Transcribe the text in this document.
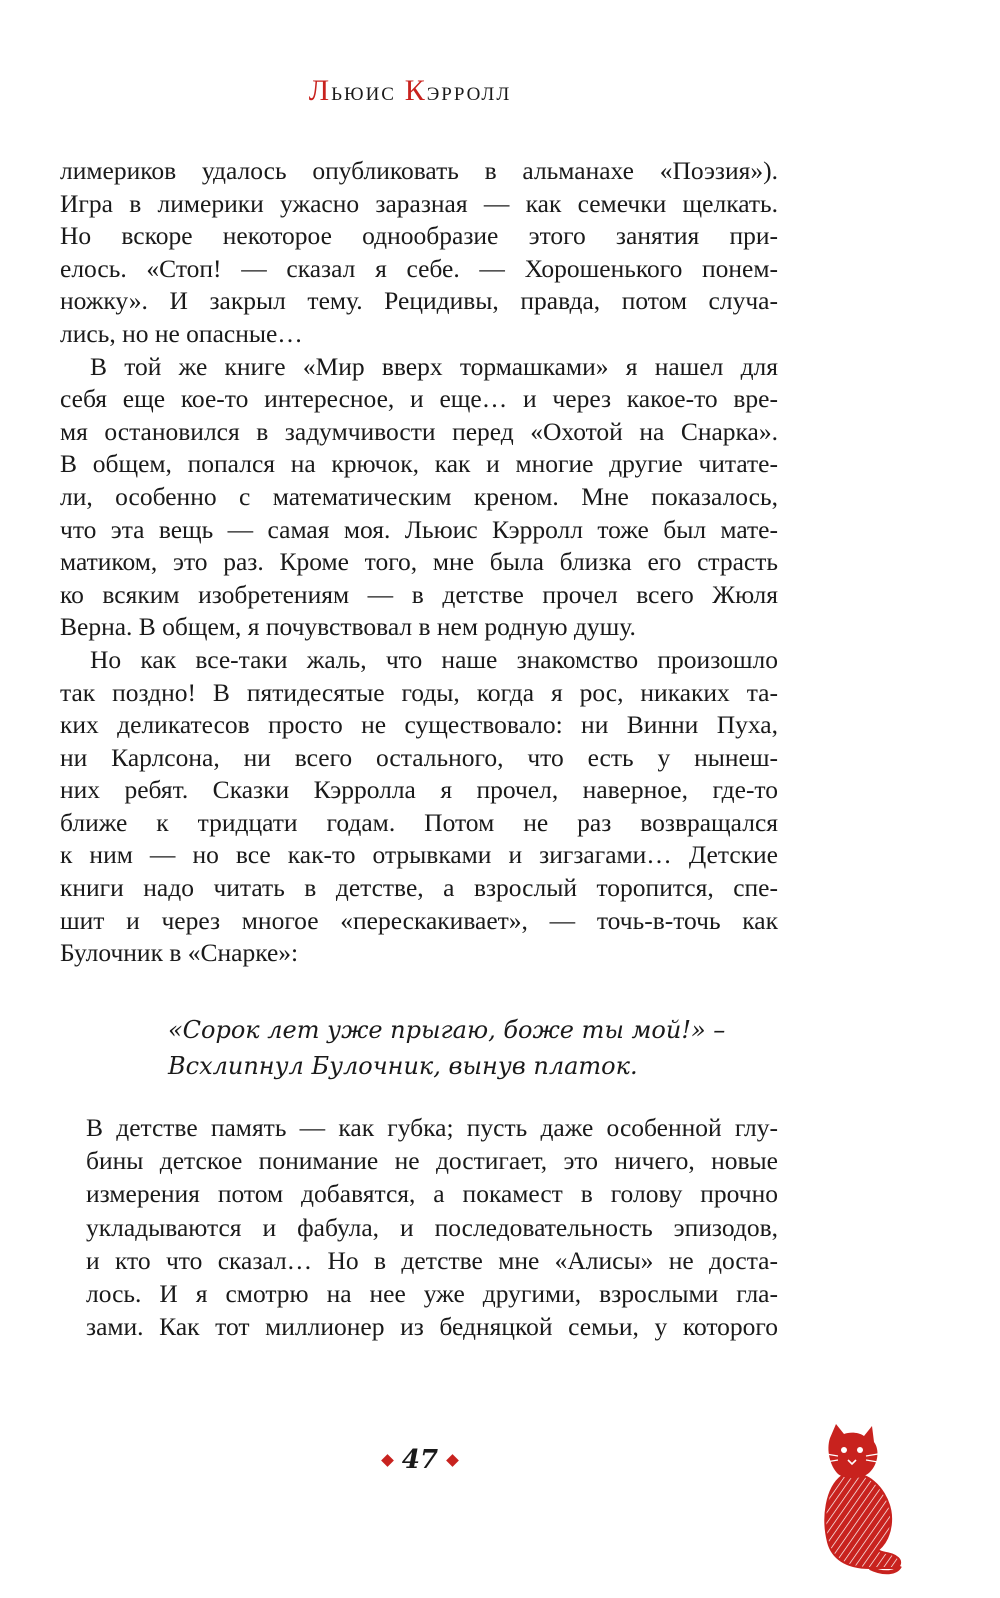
Льюис Кэрролл
лимериков удалось опубликовать в альманахе «Поэзия»).
Игра в лимерики ужасно заразная — как семечки щелкать.
Но вскоре некоторое однообразие этого занятия при-
елось. «Стоп! — сказал я себе. — Хорошенького понем-
ножку». И закрыл тему. Рецидивы, правда, потом случа-
лись, но не опасные…
В той же книге «Мир вверх тормашками» я нашел для
себя еще кое-то интересное, и еще… и через какое-то вре-
мя остановился в задумчивости перед «Охотой на Снарка».
В общем, попался на крючок, как и многие другие читате-
ли, особенно с математическим креном. Мне показалось,
что эта вещь — самая моя. Льюис Кэрролл тоже был мате-
матиком, это раз. Кроме того, мне была близка его страсть
ко всяким изобретениям — в детстве прочел всего Жюля
Верна. В общем, я почувствовал в нем родную душу.
Но как все-таки жаль, что наше знакомство произошло
так поздно! В пятидесятые годы, когда я рос, никаких та-
ких деликатесов просто не существовало: ни Винни Пуха,
ни Карлсона, ни всего остального, что есть у нынеш-
них ребят. Сказки Кэрролла я прочел, наверное, где-то
ближе к тридцати годам. Потом не раз возвращался
к ним — но все как-то отрывками и зигзагами… Детские
книги надо читать в детстве, а взрослый торопится, спе-
шит и через многое «перескакивает», — точь-в-точь как
Булочник в «Снарке»:
«Сорок лет уже прыгаю, боже ты мой!» –
Всхлипнул Булочник, вынув платок.
В детстве память — как губка; пусть даже особенной глу-
бины детское понимание не достигает, это ничего, новые
измерения потом добавятся, а покамест в голову прочно
укладываются и фабула, и последовательность эпизодов,
и кто что сказал… Но в детстве мне «Алисы» не доста-
лось. И я смотрю на нее уже другими, взрослыми гла-
зами. Как тот миллионер из бедняцкой семьи, у которого
47
